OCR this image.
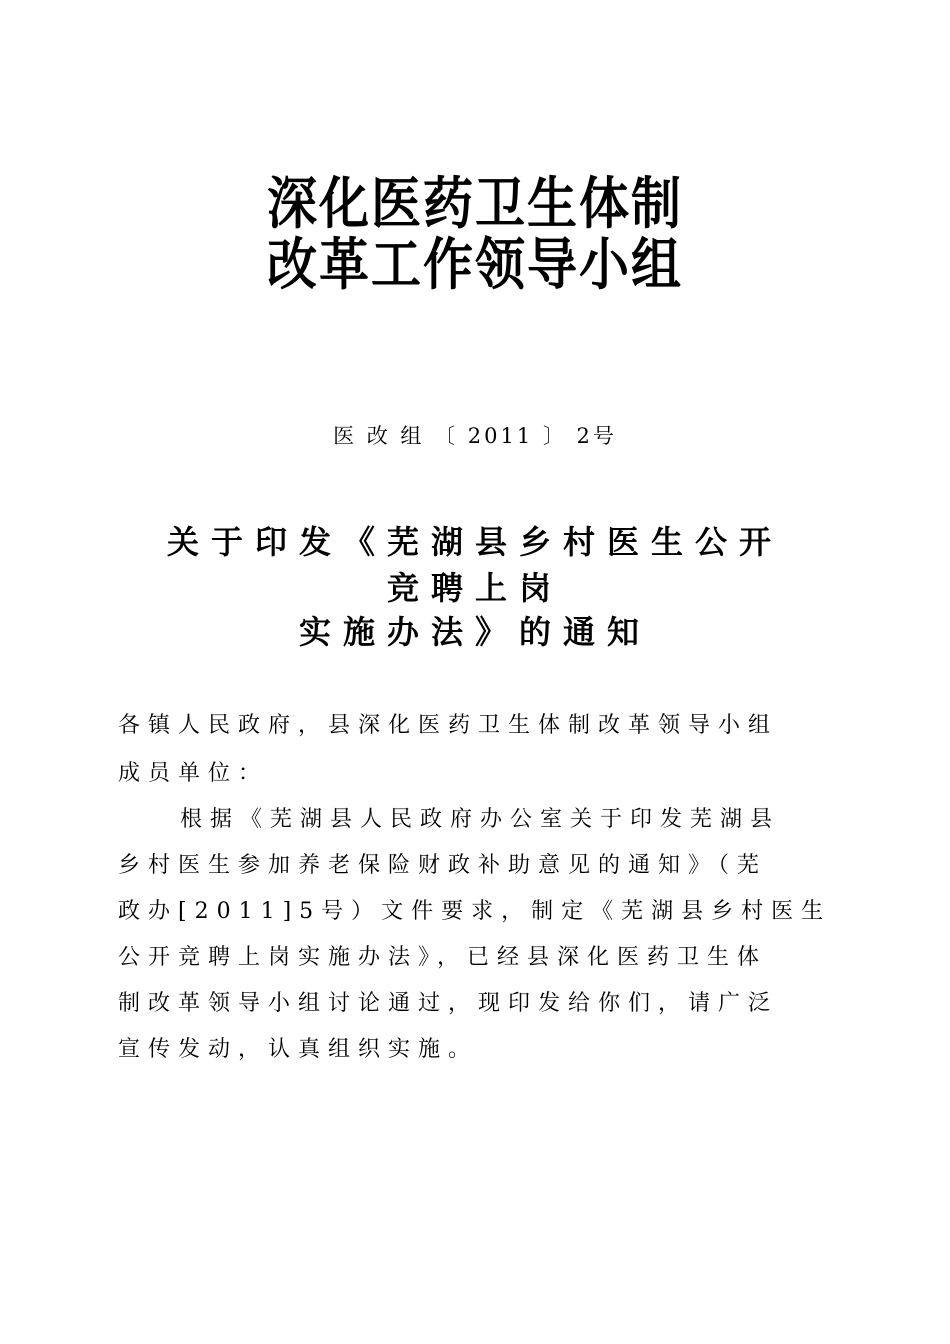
深化医药卫生体制
改革工作领导小组
医 改 组 〔 2011 〕 2号
关于印发《芜湖县乡村医生公开
竞聘上岗
实施办法》的通知
各镇人民政府，县深化医药卫生体制改革领导小组
成员单位：
根据《芜湖县人民政府办公室关于印发芜湖县
乡村医生参加养老保险财政补助意见的通知》（芜
政办[2011]5号）文件要求，制定《芜湖县乡村医生
公开竞聘上岗实施办法》，已经县深化医药卫生体
制改革领导小组讨论通过，现印发给你们，请广泛
宣传发动，认真组织实施。
